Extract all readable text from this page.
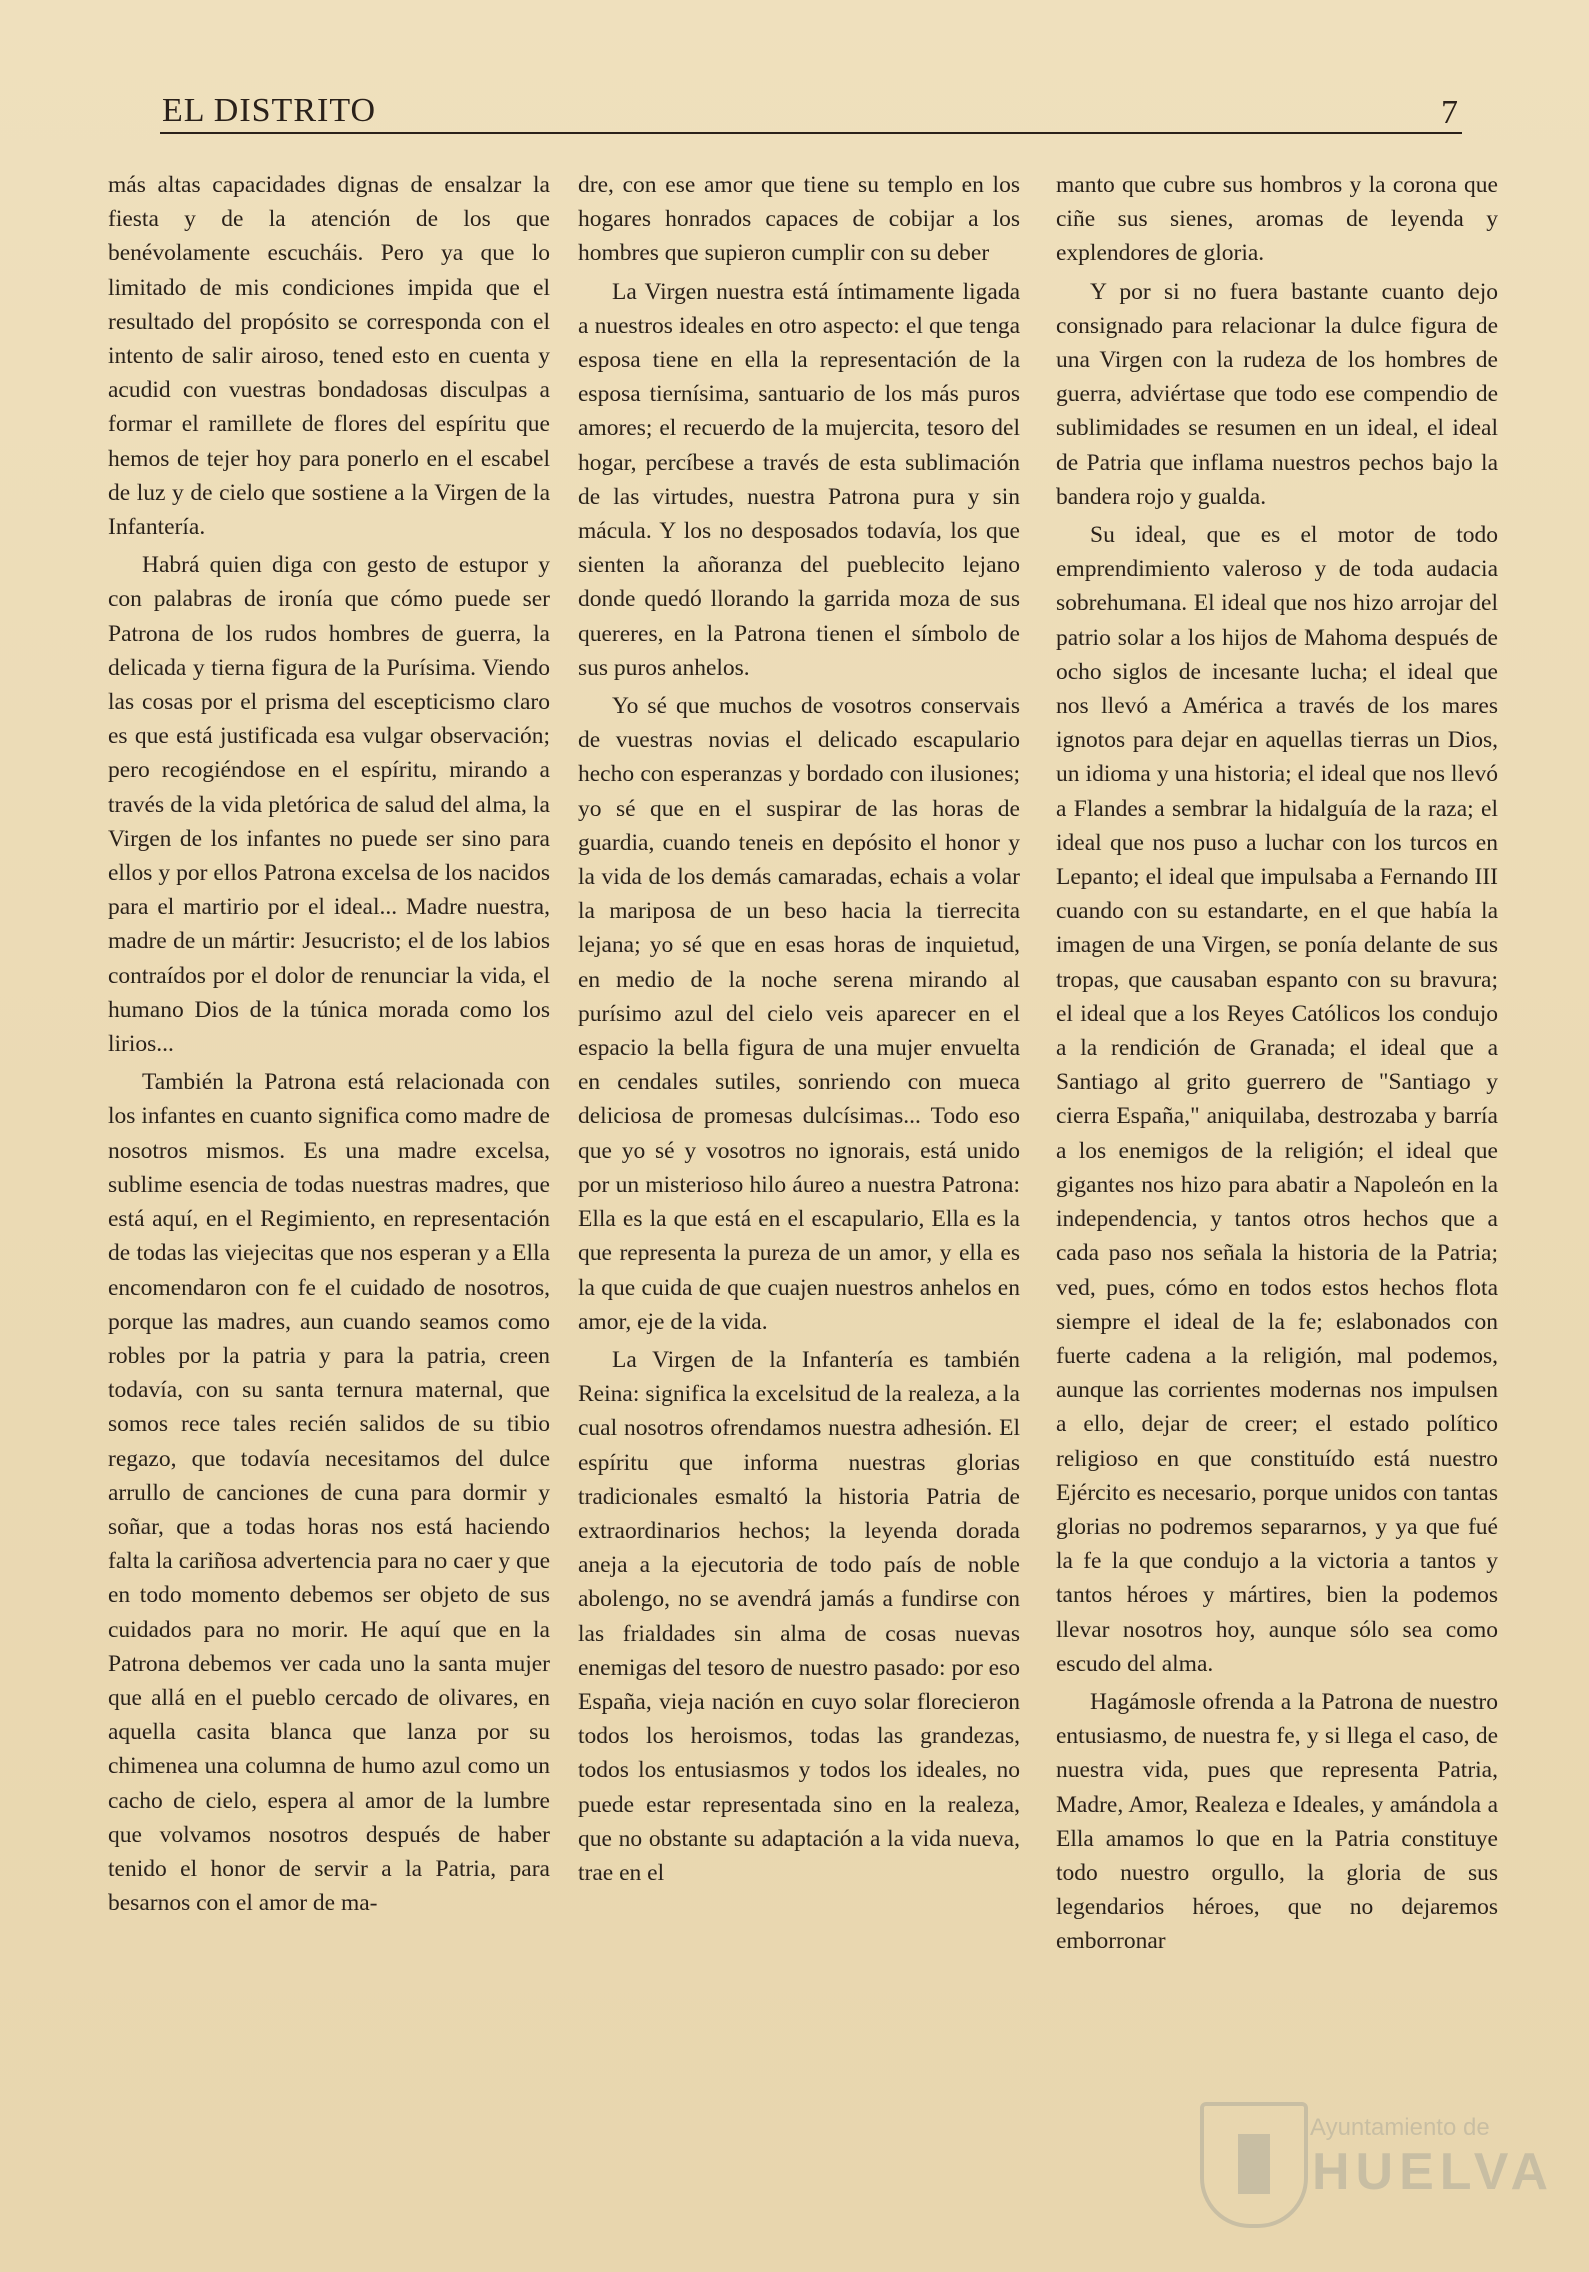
EL DISTRITO	7

más altas capacidades dignas de ensalzar la fiesta y de la atención de los que benévolamente escucháis. Pero ya que lo limitado de mis condiciones impida que el resultado del propósito se corresponda con el intento de salir airoso, tened esto en cuenta y acudid con vuestras bondadosas disculpas a formar el ramillete de flores del espíritu que hemos de tejer hoy para ponerlo en el escabel de luz y de cielo que sostiene a la Virgen de la Infantería.

Habrá quien diga con gesto de estupor y con palabras de ironía que cómo puede ser Patrona de los rudos hombres de guerra, la delicada y tierna figura de la Purísima. Viendo las cosas por el prisma del escepticismo claro es que está justificada esa vulgar observación; pero recogiéndose en el espíritu, mirando a través de la vida pletórica de salud del alma, la Virgen de los infantes no puede ser sino para ellos y por ellos Patrona excelsa de los nacidos para el martirio por el ideal... Madre nuestra, madre de un mártir: Jesucristo; el de los labios contraídos por el dolor de renunciar la vida, el humano Dios de la túnica morada como los lirios...

También la Patrona está relacionada con los infantes en cuanto significa como madre de nosotros mismos. Es una madre excelsa, sublime esencia de todas nuestras madres, que está aquí, en el Regimiento, en representación de todas las viejecitas que nos esperan y a Ella encomendaron con fe el cuidado de nosotros, porque las madres, aun cuando seamos como robles por la patria y para la patria, creen todavía, con su santa ternura maternal, que somos rece tales recién salidos de su tibio regazo, que todavía necesitamos del dulce arrullo de canciones de cuna para dormir y soñar, que a todas horas nos está haciendo falta la cariñosa advertencia para no caer y que en todo momento debemos ser objeto de sus cuidados para no morir. He aquí que en la Patrona debemos ver cada uno la santa mujer que allá en el pueblo cercado de olivares, en aquella casita blanca que lanza por su chimenea una columna de humo azul como un cacho de cielo, espera al amor de la lumbre que volvamos nosotros después de haber tenido el honor de servir a la Patria, para besarnos con el amor de ma-

dre, con ese amor que tiene su templo en los hogares honrados capaces de cobijar a los hombres que supieron cumplir con su deber

La Virgen nuestra está íntimamente ligada a nuestros ideales en otro aspecto: el que tenga esposa tiene en ella la representación de la esposa tiernísima, santuario de los más puros amores; el recuerdo de la mujercita, tesoro del hogar, percíbese a través de esta sublimación de las virtudes, nuestra Patrona pura y sin mácula. Y los no desposados todavía, los que sienten la añoranza del pueblecito lejano donde quedó llorando la garrida moza de sus quereres, en la Patrona tienen el símbolo de sus puros anhelos.

Yo sé que muchos de vosotros conservais de vuestras novias el delicado escapulario hecho con esperanzas y bordado con ilusiones; yo sé que en el suspirar de las horas de guardia, cuando teneis en depósito el honor y la vida de los demás camaradas, echais a volar la mariposa de un beso hacia la tierrecita lejana; yo sé que en esas horas de inquietud, en medio de la noche serena mirando al purísimo azul del cielo veis aparecer en el espacio la bella figura de una mujer envuelta en cendales sutiles, sonriendo con mueca deliciosa de promesas dulcísimas... Todo eso que yo sé y vosotros no ignorais, está unido por un misterioso hilo áureo a nuestra Patrona: Ella es la que está en el escapulario, Ella es la que representa la pureza de un amor, y ella es la que cuida de que cuajen nuestros anhelos en amor, eje de la vida.

La Virgen de la Infantería es también Reina: significa la excelsitud de la realeza, a la cual nosotros ofrendamos nuestra adhesión. El espíritu que informa nuestras glorias tradicionales esmaltó la historia Patria de extraordinarios hechos; la leyenda dorada aneja a la ejecutoria de todo país de noble abolengo, no se avendrá jamás a fundirse con las frialdades sin alma de cosas nuevas enemigas del tesoro de nuestro pasado: por eso España, vieja nación en cuyo solar florecieron todos los heroismos, todas las grandezas, todos los entusiasmos y todos los ideales, no puede estar representada sino en la realeza, que no obstante su adaptación a la vida nueva, trae en el

manto que cubre sus hombros y la corona que ciñe sus sienes, aromas de leyenda y explendores de gloria.

Y por si no fuera bastante cuanto dejo consignado para relacionar la dulce figura de una Virgen con la rudeza de los hombres de guerra, adviértase que todo ese compendio de sublimidades se resumen en un ideal, el ideal de Patria que inflama nuestros pechos bajo la bandera rojo y gualda.

Su ideal, que es el motor de todo emprendimiento valeroso y de toda audacia sobrehumana. El ideal que nos hizo arrojar del patrio solar a los hijos de Mahoma después de ocho siglos de incesante lucha; el ideal que nos llevó a América a través de los mares ignotos para dejar en aquellas tierras un Dios, un idioma y una historia; el ideal que nos llevó a Flandes a sembrar la hidalguía de la raza; el ideal que nos puso a luchar con los turcos en Lepanto; el ideal que impulsaba a Fernando III cuando con su estandarte, en el que había la imagen de una Virgen, se ponía delante de sus tropas, que causaban espanto con su bravura; el ideal que a los Reyes Católicos los condujo a la rendición de Granada; el ideal que a Santiago al grito guerrero de "Santiago y cierra España," aniquilaba, destrozaba y barría a los enemigos de la religión; el ideal que gigantes nos hizo para abatir a Napoleón en la independencia, y tantos otros hechos que a cada paso nos señala la historia de la Patria; ved, pues, cómo en todos estos hechos flota siempre el ideal de la fe; eslabonados con fuerte cadena a la religión, mal podemos, aunque las corrientes modernas nos impulsen a ello, dejar de creer; el estado político religioso en que constituído está nuestro Ejército es necesario, porque unidos con tantas glorias no podremos separarnos, y ya que fué la fe la que condujo a la victoria a tantos y tantos héroes y mártires, bien la podemos llevar nosotros hoy, aunque sólo sea como escudo del alma.

Hagámosle ofrenda a la Patrona de nuestro entusiasmo, de nuestra fe, y si llega el caso, de nuestra vida, pues que representa Patria, Madre, Amor, Realeza e Ideales, y amándola a Ella amamos lo que en la Patria constituye todo nuestro orgullo, la gloria de sus legendarios héroes, que no dejaremos emborronar

Ayuntamiento de
HUELVA
